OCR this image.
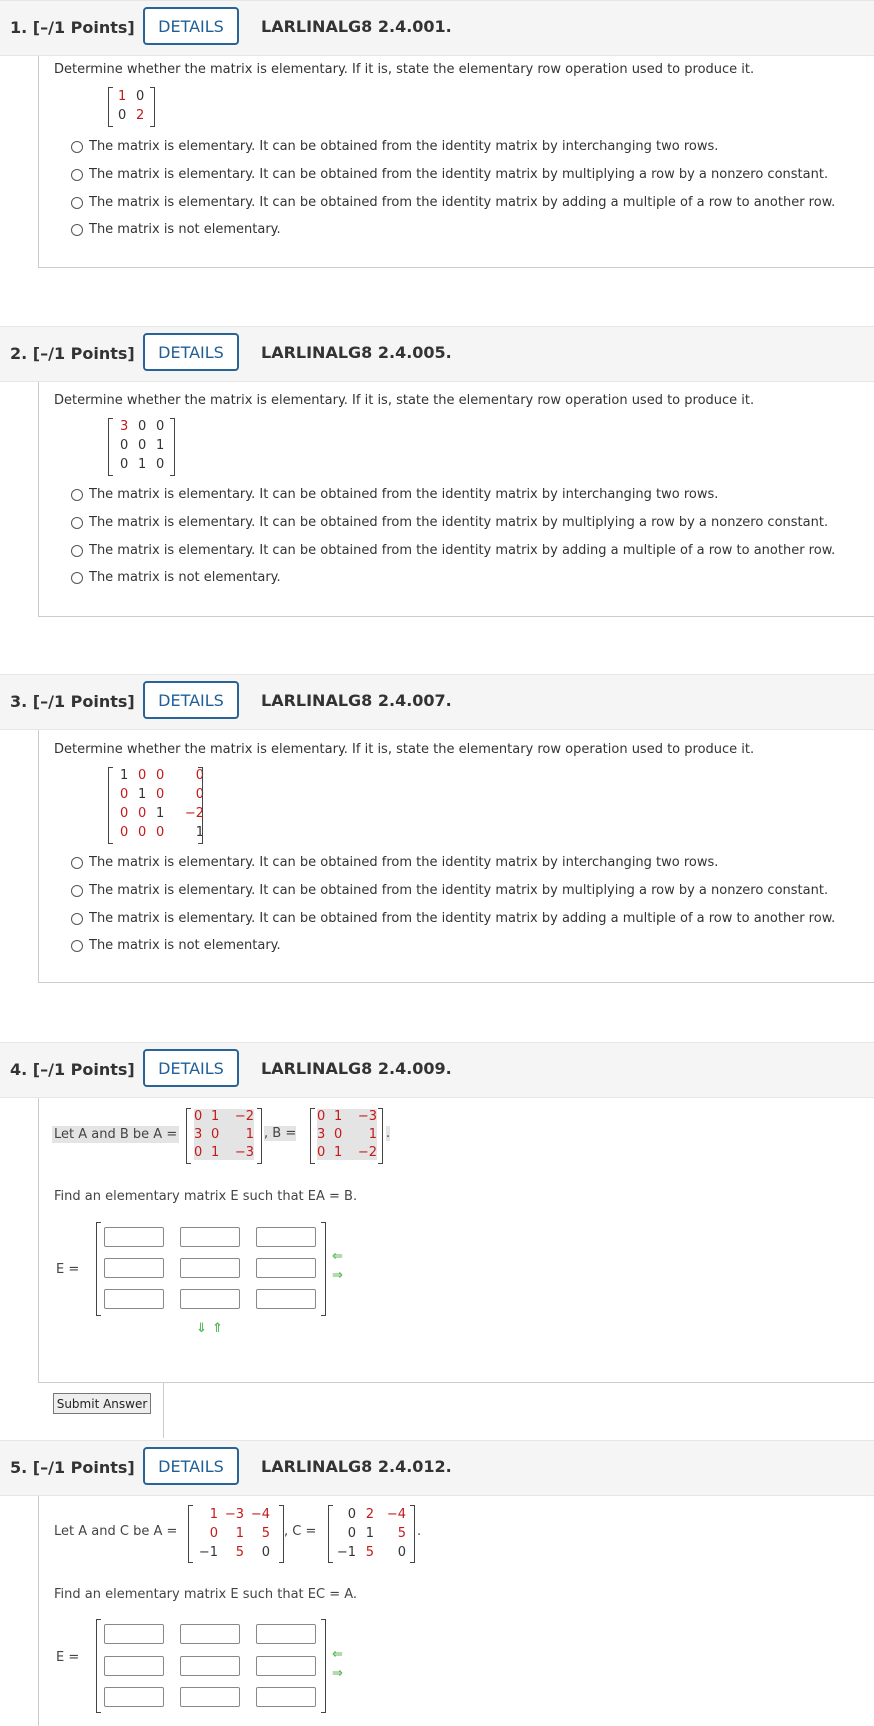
1. [–/1 Points]	DETAILS	LARLINALG8 2.4.001.
Determine whether the matrix is elementary. If it is, state the elementary row operation used to produce it.
1 0
0 2
The matrix is elementary. It can be obtained from the identity matrix by interchanging two rows.
The matrix is elementary. It can be obtained from the identity matrix by multiplying a row by a nonzero constant.
The matrix is elementary. It can be obtained from the identity matrix by adding a multiple of a row to another row.
The matrix is not elementary.
2. [–/1 Points]	DETAILS	LARLINALG8 2.4.005.
Determine whether the matrix is elementary. If it is, state the elementary row operation used to produce it.
3 0 0
0 0 1
0 1 0
The matrix is elementary. It can be obtained from the identity matrix by interchanging two rows.
The matrix is elementary. It can be obtained from the identity matrix by multiplying a row by a nonzero constant.
The matrix is elementary. It can be obtained from the identity matrix by adding a multiple of a row to another row.
The matrix is not elementary.
3. [–/1 Points]	DETAILS	LARLINALG8 2.4.007.
Determine whether the matrix is elementary. If it is, state the elementary row operation used to produce it.
1 0 0	0
0 1 0	0
0 0 1	−2
0 0 0	1
The matrix is elementary. It can be obtained from the identity matrix by interchanging two rows.
The matrix is elementary. It can be obtained from the identity matrix by multiplying a row by a nonzero constant.
The matrix is elementary. It can be obtained from the identity matrix by adding a multiple of a row to another row.
The matrix is not elementary.
4. [–/1 Points]	DETAILS	LARLINALG8 2.4.009.
Let A and B be A =
0 1	−2
3 0	1
0 1	−3
, B =
0 1	−3
3 0	1
0 1	−2
.
Find an elementary matrix E such that EA = B.
E =
⇐
⇒
⇓ ⇑
Submit Answer
5. [–/1 Points]	DETAILS	LARLINALG8 2.4.012.
Let A and C be A =
1 −3 −4
0	1	5
−1	5	0
, C =
0 2 −4
0 1	5
−1 5	0
.
Find an elementary matrix E such that EC = A.
E =	⇐
⇒
